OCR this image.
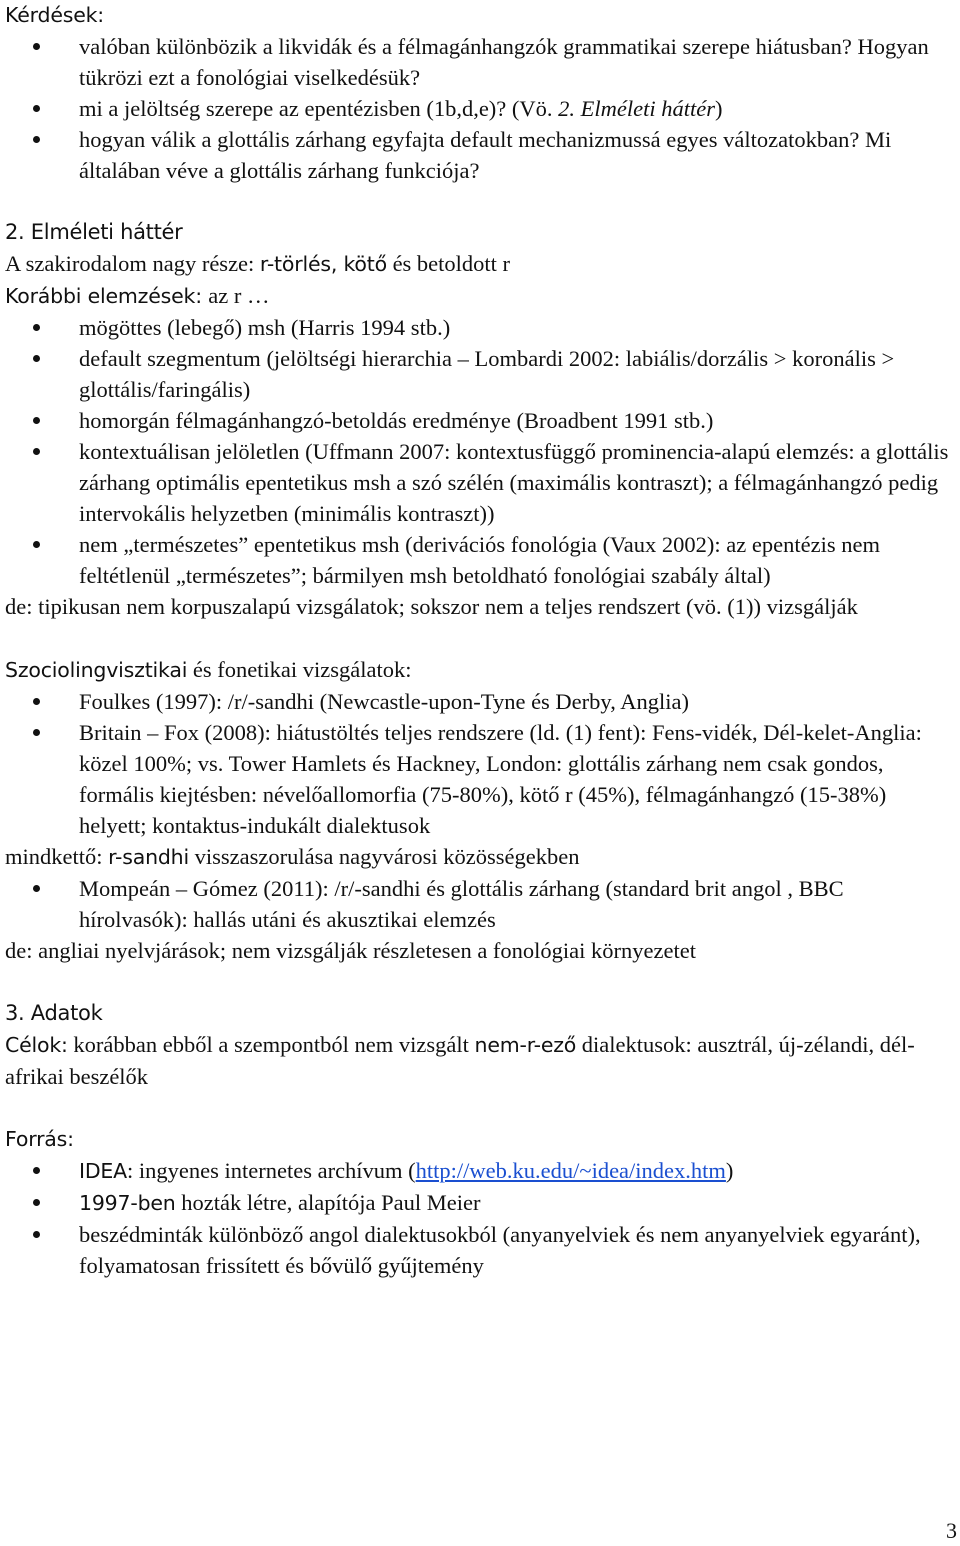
Kérdések:

valóban különbözik a likvidák és a félmagánhangzók grammatikai szerepe hiátusban? Hogyan tükrözi ezt a fonológiai viselkedésük?
mi a jelöltség szerepe az epentézisben (1b,d,e)? (Vö. 2. Elméleti háttér)
hogyan válik a glottális zárhang egyfajta default mechanizmussá egyes változatokban? Mi általában véve a glottális zárhang funkciója?

2. Elméleti háttér

A szakirodalom nagy része: r-törlés, kötő és betoldott r

Korábbi elemzések: az r …

mögöttes (lebegő) msh (Harris 1994 stb.)
default szegmentum (jelöltségi hierarchia – Lombardi 2002: labiális/dorzális > koronális > glottális/faringális)
homorgán félmagánhangzó-betoldás eredménye (Broadbent 1991 stb.)
kontextuálisan jelöletlen (Uffmann 2007: kontextusfüggő prominencia-alapú elemzés: a glottális zárhang optimális epentetikus msh a szó szélén (maximális kontraszt); a félmagánhangzó pedig intervokális helyzetben (minimális kontraszt))
nem „természetes” epentetikus msh (derivációs fonológia (Vaux 2002): az epentézis nem feltétlenül „természetes”; bármilyen msh betoldható fonológiai szabály által)

de: tipikusan nem korpuszalapú vizsgálatok; sokszor nem a teljes rendszert (vö. (1)) vizsgálják

Szociolingvisztikai és fonetikai vizsgálatok:

Foulkes (1997): /r/-sandhi (Newcastle-upon-Tyne és Derby, Anglia)
Britain – Fox (2008): hiátustöltés teljes rendszere (ld. (1) fent): Fens-vidék, Dél-kelet-Anglia: közel 100%; vs. Tower Hamlets és Hackney, London: glottális zárhang nem csak gondos, formális kiejtésben: névelőallomorfia (75-80%), kötő r (45%), félmagánhangzó (15-38%) helyett; kontaktus-indukált dialektusok

mindkettő: r-sandhi visszaszorulása nagyvárosi közösségekben

Mompeán – Gómez (2011): /r/-sandhi és glottális zárhang (standard brit angol , BBC hírolvasók): hallás utáni és akusztikai elemzés

de: angliai nyelvjárások; nem vizsgálják részletesen a fonológiai környezetet

3. Adatok

Célok: korábban ebből a szempontból nem vizsgált nem-r-ező dialektusok: ausztrál, új-zélandi, dél-afrikai beszélők

Forrás:

IDEA: ingyenes internetes archívum (http://web.ku.edu/~idea/index.htm)
1997-ben hozták létre, alapítója Paul Meier
beszédminták különböző angol dialektusokból (anyanyelviek és nem anyanyelviek egyaránt), folyamatosan frissített és bővülő gyűjtemény
3
